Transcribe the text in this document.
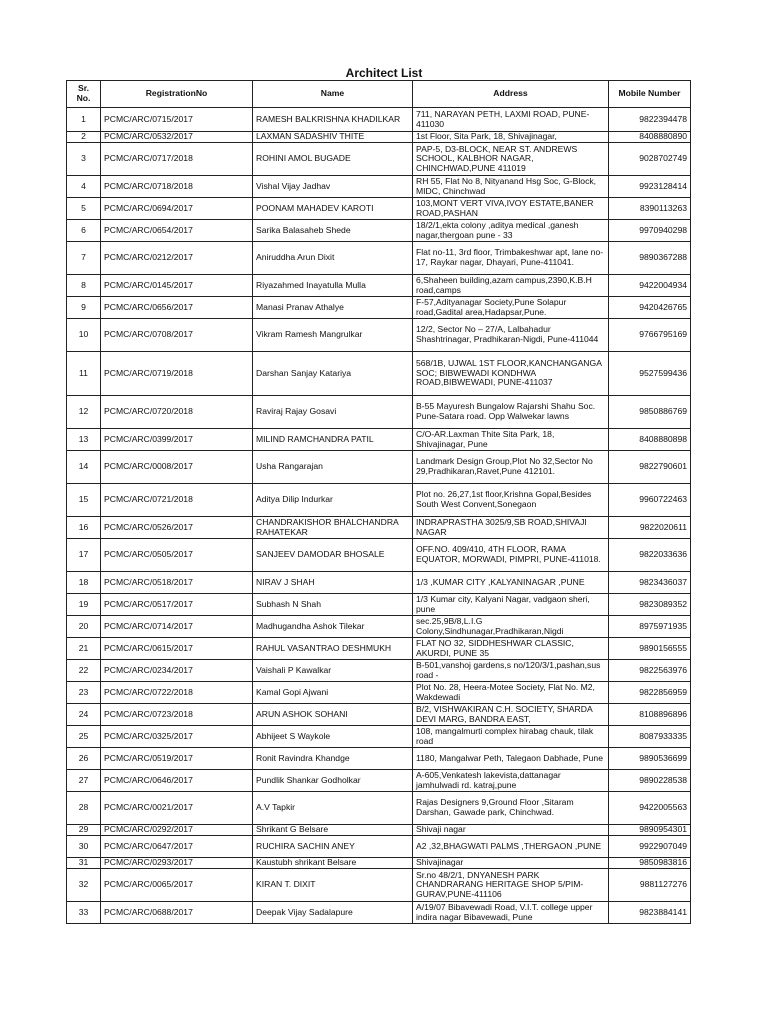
Architect List
Sr. No.	RegistrationNo	Name	Address	Mobile Number
1	PCMC/ARC/0715/2017	RAMESH BALKRISHNA KHADILKAR	711, NARAYAN PETH, LAXMI ROAD, PUNE-411030	9822394478
2	PCMC/ARC/0532/2017	LAXMAN SADASHIV THITE	1st Floor, Sita Park, 18, Shivajinagar,	8408880890
3	PCMC/ARC/0717/2018	ROHINI AMOL BUGADE	PAP-5, D3-BLOCK, NEAR ST. ANDREWS SCHOOL, KALBHOR NAGAR, CHINCHWAD,PUNE 411019	9028702749
4	PCMC/ARC/0718/2018	Vishal Vijay Jadhav	RH 55, Flat No 8, Nityanand Hsg Soc, G-Block, MIDC, Chinchwad	9923128414
5	PCMC/ARC/0694/2017	POONAM MAHADEV KAROTI	103,MONT VERT VIVA,IVOY ESTATE,BANER ROAD,PASHAN	8390113263
6	PCMC/ARC/0654/2017	Sarika Balasaheb Shede	18/2/1,ekta colony ,aditya medical ,ganesh nagar,thergoan pune - 33	9970940298
7	PCMC/ARC/0212/2017	Aniruddha Arun Dixit	Flat no-11, 3rd floor, Trimbakeshwar apt, lane no-17, Raykar nagar, Dhayari, Pune-411041.	9890367288
8	PCMC/ARC/0145/2017	Riyazahmed Inayatulla Mulla	6,Shaheen building,azam campus,2390,K.B.H road,camps	9422004934
9	PCMC/ARC/0656/2017	Manasi Pranav Athalye	F-57,Adityanagar Society,Pune Solapur road,Gadital area,Hadapsar,Pune.	9420426765
10	PCMC/ARC/0708/2017	Vikram Ramesh Mangrulkar	12/2, Sector No – 27/A, Lalbahadur Shashtrinagar, Pradhikaran-Nigdi, Pune-411044	9766795169
11	PCMC/ARC/0719/2018	Darshan Sanjay Katariya	568/1B, UJWAL 1ST FLOOR,KANCHANGANGA SOC; BIBWEWADI KONDHWA ROAD,BIBWEWADI, PUNE-411037	9527599436
12	PCMC/ARC/0720/2018	Raviraj Rajay Gosavi	B-55 Mayuresh Bungalow Rajarshi Shahu Soc. Pune-Satara road. Opp Walwekar lawns	9850886769
13	PCMC/ARC/0399/2017	MILIND RAMCHANDRA PATIL	C/O-AR.Laxman Thite Sita Park, 18, Shivajinagar, Pune	8408880898
14	PCMC/ARC/0008/2017	Usha Rangarajan	Landmark Design Group,Plot No 32,Sector No 29,Pradhikaran,Ravet,Pune 412101.	9822790601
15	PCMC/ARC/0721/2018	Aditya Dilip Indurkar	Plot no. 26,27,1st floor,Krishna Gopal,Besides South West Convent,Sonegaon	9960722463
16	PCMC/ARC/0526/2017	CHANDRAKISHOR BHALCHANDRA RAHATEKAR	INDRAPRASTHA 3025/9,SB ROAD,SHIVAJI NAGAR	9822020611
17	PCMC/ARC/0505/2017	SANJEEV DAMODAR BHOSALE	OFF.NO. 409/410, 4TH FLOOR, RAMA EQUATOR, MORWADI, PIMPRI, PUNE-411018.	9822033636
18	PCMC/ARC/0518/2017	NIRAV J SHAH	1/3 ,KUMAR CITY ,KALYANINAGAR ,PUNE	9823436037
19	PCMC/ARC/0517/2017	Subhash N Shah	1/3 Kumar city, Kalyani Nagar, vadgaon sheri, pune	9823089352
20	PCMC/ARC/0714/2017	Madhugandha Ashok Tilekar	sec.25,9B/8,L.I.G Colony,Sindhunagar,Pradhikaran,Nigdi	8975971935
21	PCMC/ARC/0615/2017	RAHUL VASANTRAO DESHMUKH	FLAT NO 32, SIDDHESHWAR CLASSIC, AKURDI, PUNE 35	9890156555
22	PCMC/ARC/0234/2017	Vaishali P Kawalkar	B-501,vanshoj gardens,s no/120/3/1,pashan,sus road -	9822563976
23	PCMC/ARC/0722/2018	Kamal Gopi Ajwani	Plot No. 28, Heera-Motee Society, Flat No. M2, Wakdewadi	9822856959
24	PCMC/ARC/0723/2018	ARUN ASHOK SOHANI	B/2, VISHWAKIRAN C.H. SOCIETY, SHARDA DEVI MARG, BANDRA EAST,	8108896896
25	PCMC/ARC/0325/2017	Abhijeet S Waykole	108, mangalmurti complex hirabag chauk, tilak road	8087933335
26	PCMC/ARC/0519/2017	Ronit Ravindra Khandge	1180, Mangalwar Peth, Talegaon Dabhade, Pune	9890536699
27	PCMC/ARC/0646/2017	Pundlik Shankar Godholkar	A-605,Venkatesh lakevista,dattanagar jamhulwadi rd. katraj,pune	9890228538
28	PCMC/ARC/0021/2017	A.V Tapkir	Rajas Designers 9,Ground Floor ,Sitaram Darshan, Gawade park, Chinchwad.	9422005563
29	PCMC/ARC/0292/2017	Shrikant G Belsare	Shivaji nagar	9890954301
30	PCMC/ARC/0647/2017	RUCHIRA SACHIN ANEY	A2 ,32,BHAGWATI PALMS ,THERGAON ,PUNE	9922907049
31	PCMC/ARC/0293/2017	Kaustubh shrikant Belsare	Shivajinagar	9850983816
32	PCMC/ARC/0065/2017	KIRAN T. DIXIT	Sr.no 48/2/1, DNYANESH PARK CHANDRARANG HERITAGE SHOP 5/PIM-GURAV,PUNE-411106	9881127276
33	PCMC/ARC/0688/2017	Deepak Vijay Sadalapure	A/19/07 Bibavewadi Road, V.I.T. college upper indira nagar Bibavewadi, Pune	9823884141
